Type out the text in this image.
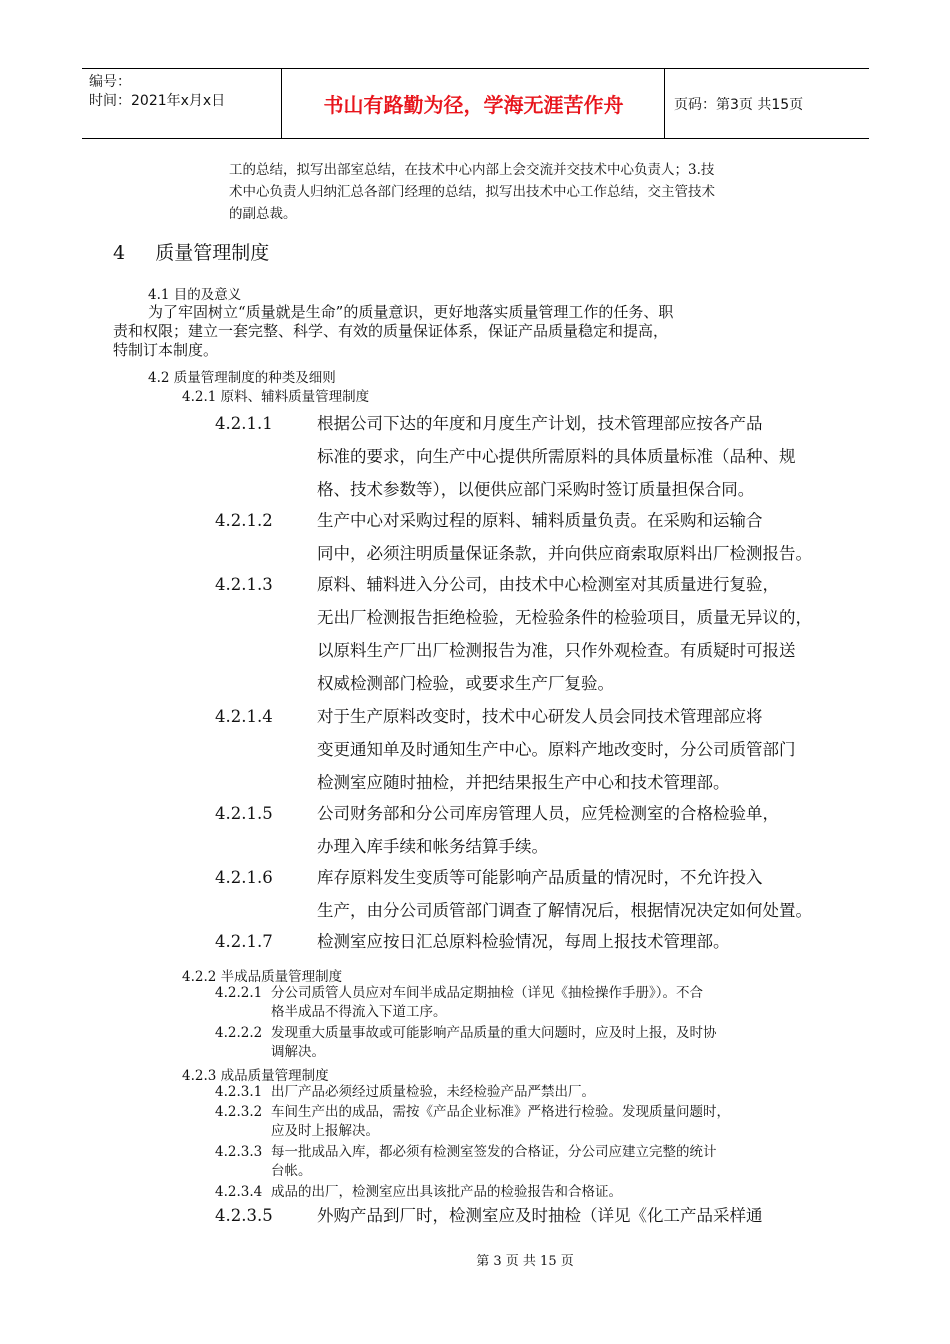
编号：
时间：2021年x月x日	书山有路勤为径，学海无涯苦作舟	页码：第3页 共15页
工的总结，拟写出部室总结，在技术中心内部上会交流并交技术中心负责人；3.技
术中心负责人归纳汇总各部门经理的总结，拟写出技术中心工作总结，交主管技术
的副总裁。
4 质量管理制度
4.1 目的及意义
为了牢固树立“质量就是生命”的质量意识，更好地落实质量管理工作的任务、职
责和权限；建立一套完整、科学、有效的质量保证体系，保证产品质量稳定和提高，
特制订本制度。
4.2 质量管理制度的种类及细则
4.2.1 原料、辅料质量管理制度
4.2.1.1	根据公司下达的年度和月度生产计划，技术管理部应按各产品
标准的要求，向生产中心提供所需原料的具体质量标准（品种、规
格、技术参数等），以便供应部门采购时签订质量担保合同。
4.2.1.2	生产中心对采购过程的原料、辅料质量负责。在采购和运输合
同中，必须注明质量保证条款，并向供应商索取原料出厂检测报告。
4.2.1.3	原料、辅料进入分公司，由技术中心检测室对其质量进行复验，
无出厂检测报告拒绝检验，无检验条件的检验项目，质量无异议的，
以原料生产厂出厂检测报告为准，只作外观检查。有质疑时可报送
权威检测部门检验，或要求生产厂复验。
4.2.1.4	对于生产原料改变时，技术中心研发人员会同技术管理部应将
变更通知单及时通知生产中心。原料产地改变时，分公司质管部门
检测室应随时抽检，并把结果报生产中心和技术管理部。
4.2.1.5	公司财务部和分公司库房管理人员，应凭检测室的合格检验单，
办理入库手续和帐务结算手续。
4.2.1.6	库存原料发生变质等可能影响产品质量的情况时，不允许投入
生产，由分公司质管部门调查了解情况后，根据情况决定如何处置。
4.2.1.7	检测室应按日汇总原料检验情况，每周上报技术管理部。
4.2.2 半成品质量管理制度
4.2.2.1 分公司质管人员应对车间半成品定期抽检（详见《抽检操作手册》）。不合
格半成品不得流入下道工序。
4.2.2.2 发现重大质量事故或可能影响产品质量的重大问题时，应及时上报，及时协
调解决。
4.2.3 成品质量管理制度
4.2.3.1 出厂产品必须经过质量检验，未经检验产品严禁出厂。
4.2.3.2 车间生产出的成品，需按《产品企业标准》严格进行检验。发现质量问题时，
应及时上报解决。
4.2.3.3 每一批成品入库，都必须有检测室签发的合格证，分公司应建立完整的统计
台帐。
4.2.3.4 成品的出厂，检测室应出具该批产品的检验报告和合格证。
4.2.3.5	外购产品到厂时，检测室应及时抽检（详见《化工产品采样通
第 3 页 共 15 页
